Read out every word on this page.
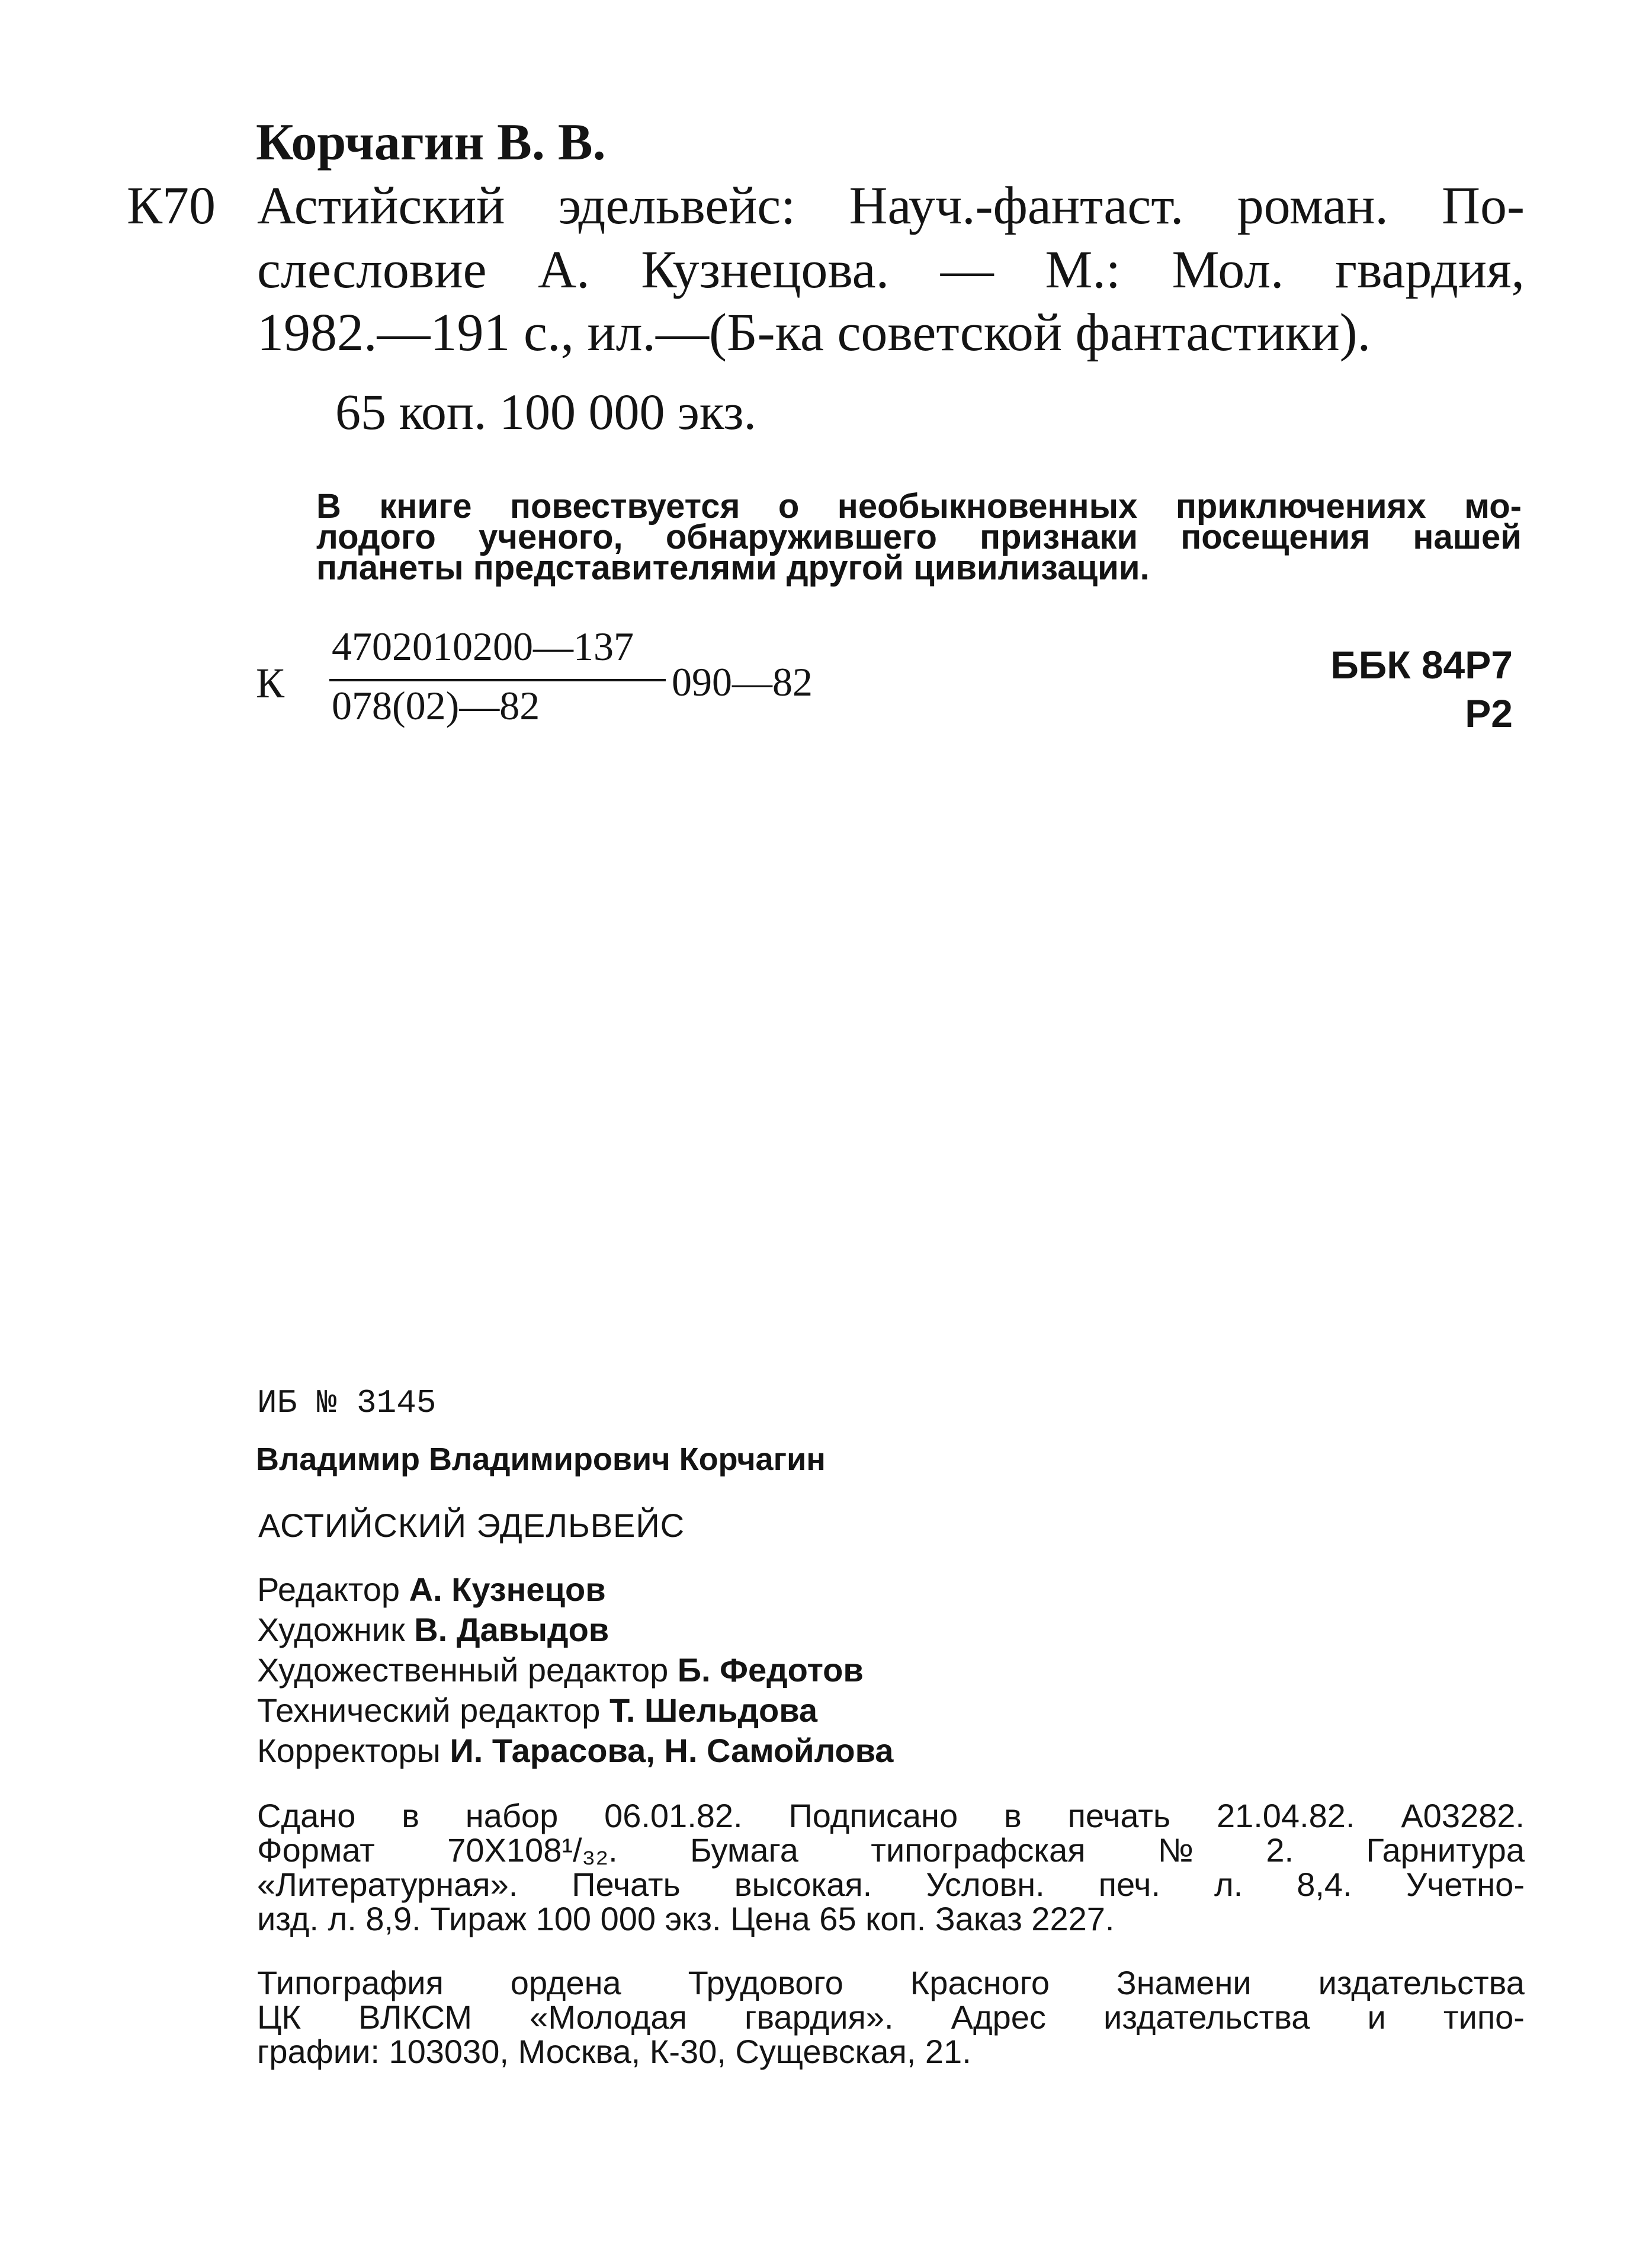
Корчагин В. В.
К70 Астийский эдельвейс: Науч.-фантаст. роман. По-
слесловие А. Кузнецова. — М.: Мол. гвардия,
1982.—191 с., ил.—(Б-ка советской фантастики).
65 коп. 100 000 экз.
В книге повествуется о необыкновенных приключениях мо-
лодого ученого, обнаружившего признаки посещения нашей
планеты представителями другой цивилизации.
К
4702010200—137
078(02)—82
090—82	ББК 84Р7
Р2
ИБ № 3145
Владимир Владимирович Корчагин
АСТИЙСКИЙ ЭДЕЛЬВЕЙС
Редактор А. Кузнецов
Художник В. Давыдов
Художественный редактор Б. Федотов
Технический редактор Т. Шельдова
Корректоры И. Тарасова, Н. Самойлова
Сдано в набор 06.01.82. Подписано в печать 21.04.82. А03282.
Формат 70X108¹/₃₂. Бумага типографская № 2. Гарнитура
«Литературная». Печать высокая. Условн. печ. л. 8,4. Учетно-
изд. л. 8,9. Тираж 100 000 экз. Цена 65 коп. Заказ 2227.
Типография ордена Трудового Красного Знамени издательства
ЦК ВЛКСМ «Молодая гвардия». Адрес издательства и типо-
графии: 103030, Москва, К-30, Сущевская, 21.
